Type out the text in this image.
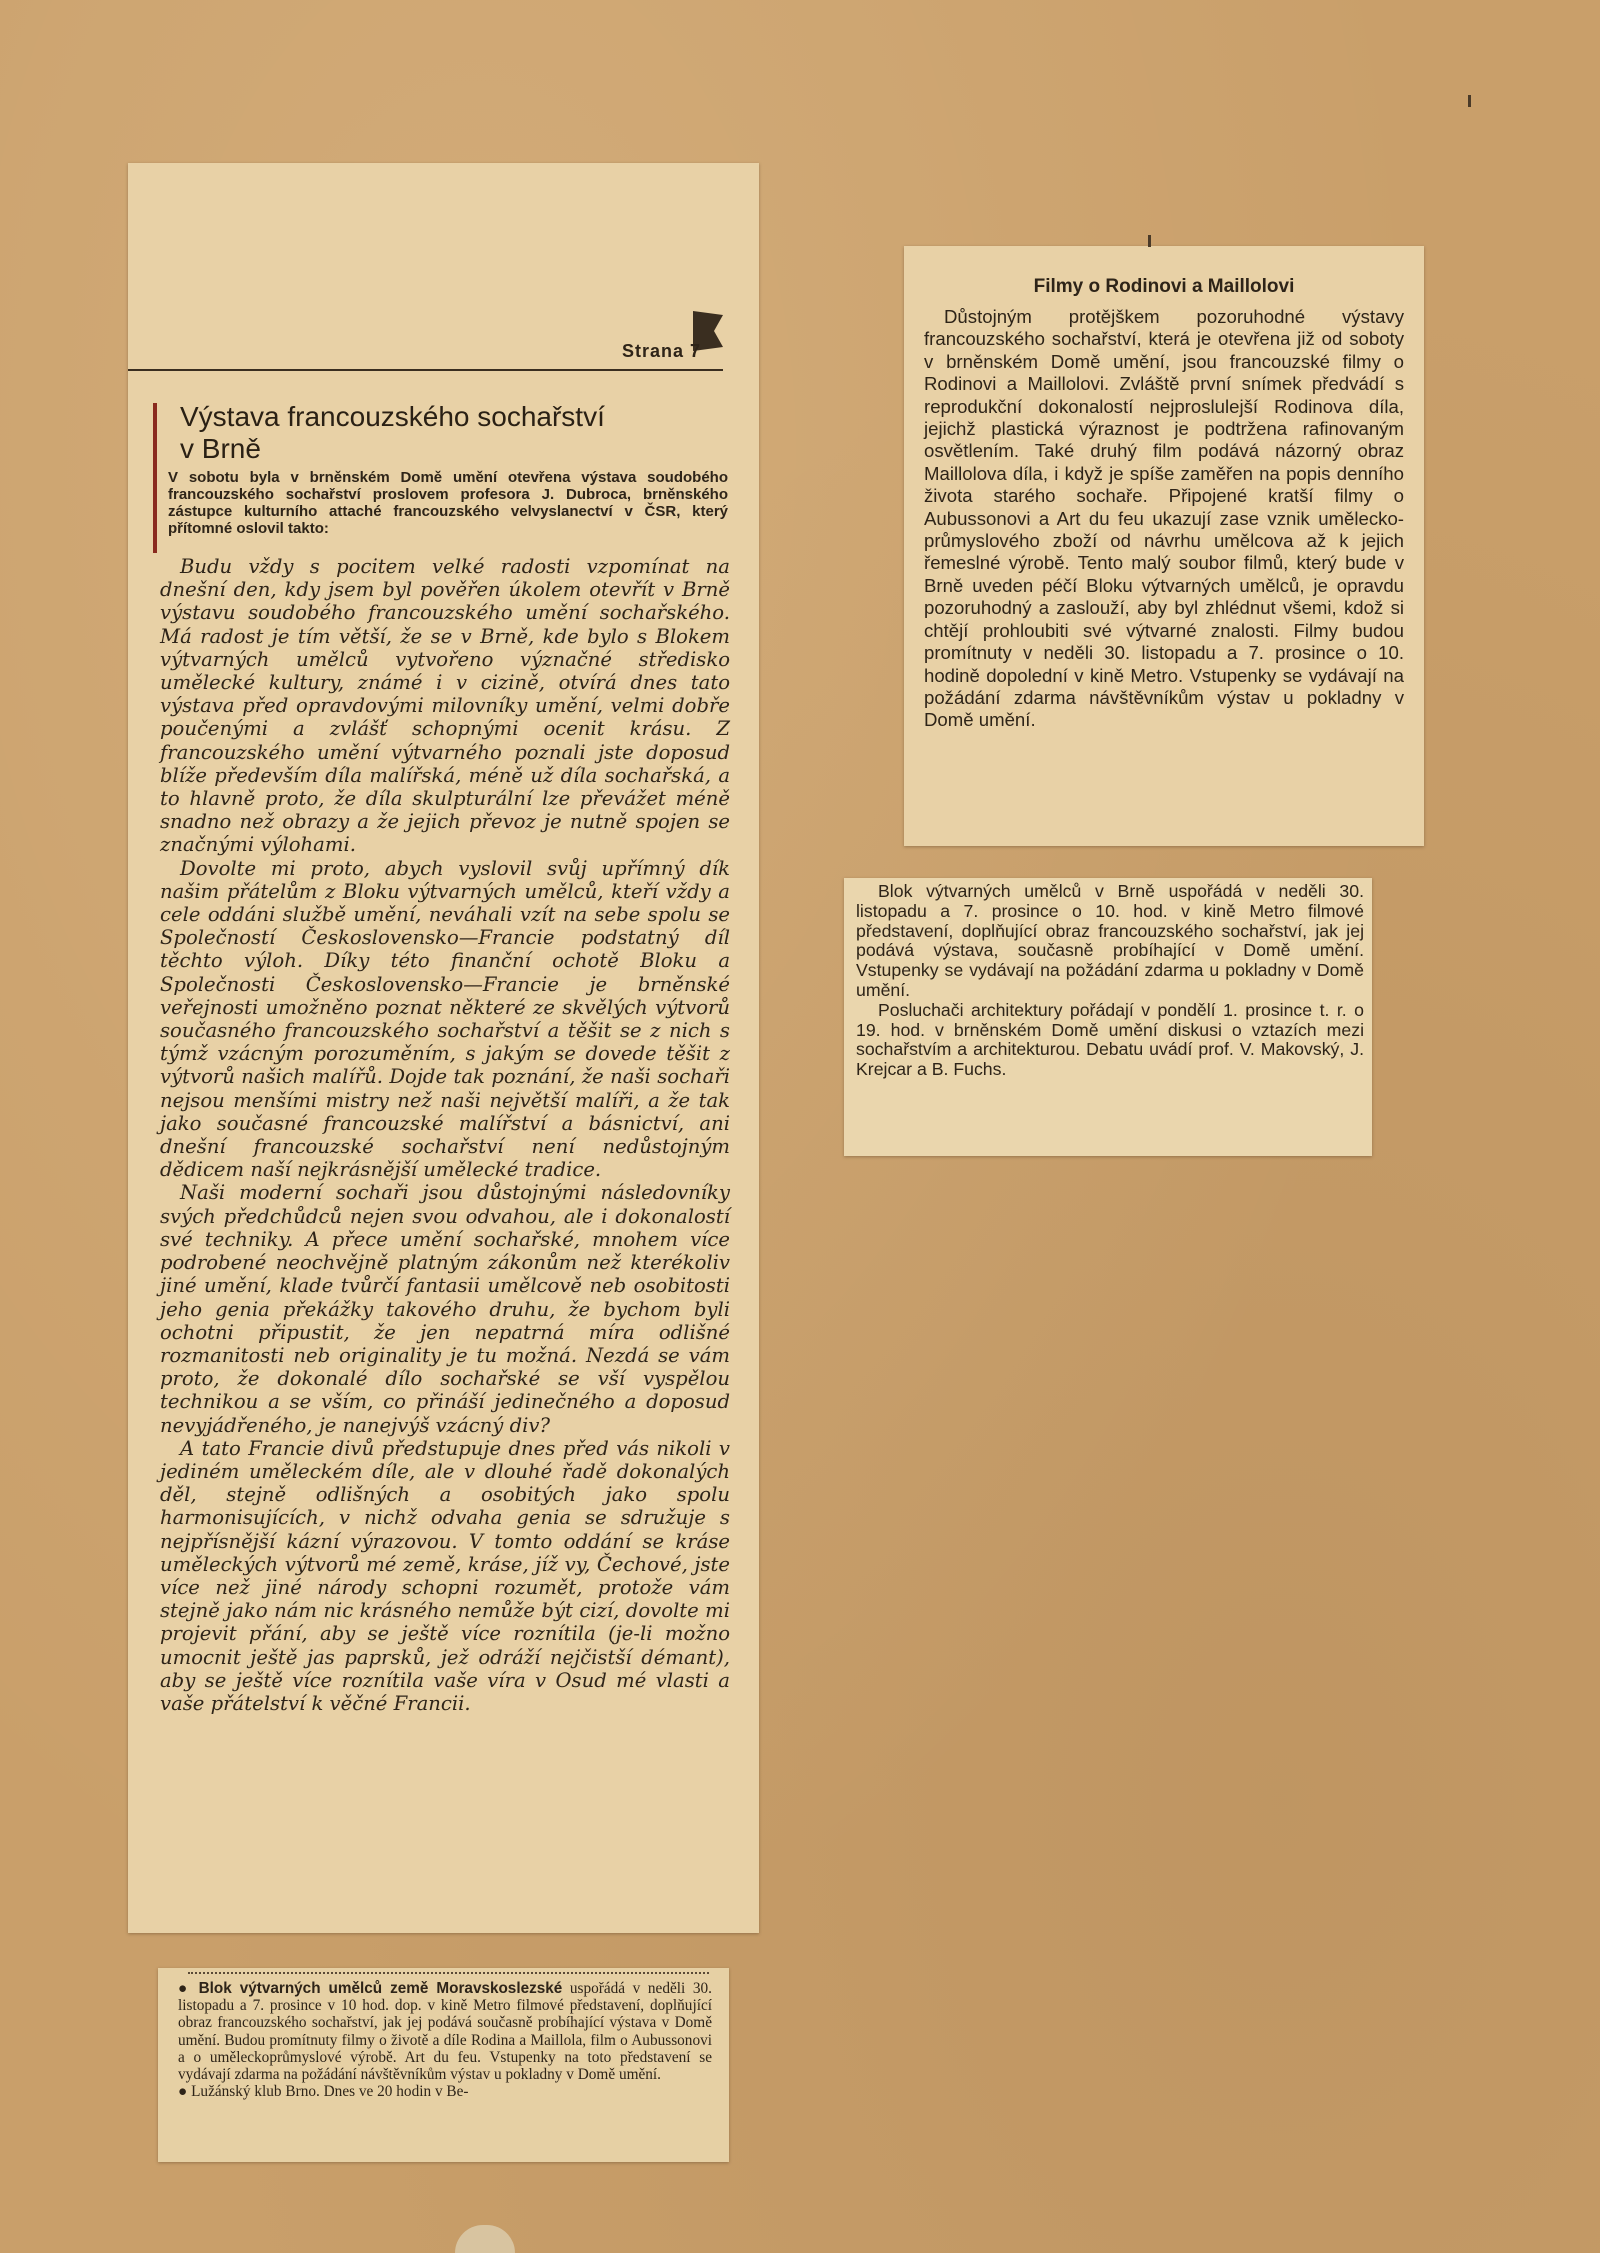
Strana 7
Výstava francouzského sochařství
v Brně

V sobotu byla v brněnském Domě umění otevřena výstava soudobého francouzského sochařství proslovem profesora J. Dubroca, brněnského zástupce kulturního attaché francouzského velvyslanectví v ČSR, který přítomné oslovil takto:

Budu vždy s pocitem velké radosti vzpomínat na dnešní den, kdy jsem byl pověřen úkolem otevřít v Brně výstavu soudobého francouzského umění sochařského. Má radost je tím větší, že se v Brně, kde bylo s Blokem výtvarných umělců vytvořeno význačné středisko umělecké kultury, známé i v cizině, otvírá dnes tato výstava před opravdovými milovníky umění, velmi dobře poučenými a zvlášť schopnými ocenit krásu. Z francouzského umění výtvarného poznali jste doposud blíže především díla malířská, méně už díla sochařská, a to hlavně proto, že díla skulpturální lze převážet méně snadno než obrazy a že jejich převoz je nutně spojen se značnými výlohami.

Dovolte mi proto, abych vyslovil svůj upřímný dík našim přátelům z Bloku výtvarných umělců, kteří vždy a cele oddáni službě umění, neváhali vzít na sebe spolu se Společností Československo—Francie podstatný díl těchto výloh. Díky této finanční ochotě Bloku a Společnosti Československo—Francie je brněnské veřejnosti umožněno poznat některé ze skvělých výtvorů současného francouzského sochařství a těšit se z nich s týmž vzácným porozuměním, s jakým se dovede těšit z výtvorů našich malířů. Dojde tak poznání, že naši sochaři nejsou menšími mistry než naši největší malíři, a že tak jako současné francouzské malířství a básnictví, ani dnešní francouzské sochařství není nedůstojným dědicem naší nejkrásnější umělecké tradice.

Naši moderní sochaři jsou důstojnými následovníky svých předchůdců nejen svou odvahou, ale i dokonalostí své techniky. A přece umění sochařské, mnohem více podrobené neochvějně platným zákonům než kterékoliv jiné umění, klade tvůrčí fantasii umělcově neb osobitosti jeho genia překážky takového druhu, že bychom byli ochotni připustit, že jen nepatrná míra odlišné rozmanitosti neb originality je tu možná. Nezdá se vám proto, že dokonalé dílo sochařské se vší vyspělou technikou a se vším, co přináší jedinečného a doposud nevyjádřeného, je nanejvýš vzácný div?

A tato Francie divů předstupuje dnes před vás nikoli v jediném uměleckém díle, ale v dlouhé řadě dokonalých děl, stejně odlišných a osobitých jako spolu harmonisujících, v nichž odvaha genia se sdružuje s nejpřísnější kázní výrazovou. V tomto oddání se kráse uměleckých výtvorů mé země, kráse, jíž vy, Čechové, jste více než jiné národy schopni rozumět, protože vám stejně jako nám nic krásného nemůže být cizí, dovolte mi projevit přání, aby se ještě více roznítila (je-li možno umocnit ještě jas paprsků, jež odráží nejčistší démant), aby se ještě více roznítila vaše víra v Osud mé vlasti a vaše přátelství k věčné Francii.

Filmy o Rodinovi a Maillolovi

Důstojným protějškem pozoruhodné výstavy francouzského sochařství, která je otevřena již od soboty v brněnském Domě umění, jsou francouzské filmy o Rodinovi a Maillolovi. Zvláště první snímek předvádí s reprodukční dokonalostí nejproslulejší Rodinova díla, jejichž plastická výraznost je podtržena rafinovaným osvětlením. Také druhý film podává názorný obraz Maillolova díla, i když je spíše zaměřen na popis denního života starého sochaře. Připojené kratší filmy o Aubussonovi a Art du feu ukazují zase vznik umělecko-průmyslového zboží od návrhu umělcova až k jejich řemeslné výrobě. Tento malý soubor filmů, který bude v Brně uveden péčí Bloku výtvarných umělců, je opravdu pozoruhodný a zaslouží, aby byl zhlédnut všemi, kdož si chtějí prohloubiti své výtvarné znalosti. Filmy budou promítnuty v neděli 30. listopadu a 7. prosince o 10. hodině dopolední v kině Metro. Vstupenky se vydávají na požádání zdarma návštěvníkům výstav u pokladny v Domě umění.

Blok výtvarných umělců v Brně uspořádá v neděli 30. listopadu a 7. prosince o 10. hod. v kině Metro filmové představení, doplňující obraz francouzského sochařství, jak jej podává výstava, současně probíhající v Domě umění. Vstupenky se vydávají na požádání zdarma u pokladny v Domě umění.

Posluchači architektury pořádají v pondělí 1. prosince t. r. o 19. hod. v brněnském Domě umění diskusi o vztazích mezi sochařstvím a architekturou. Debatu uvádí prof. V. Makovský, J. Krejcar a B. Fuchs.

● Blok výtvarných umělců země Moravskoslezské uspořádá v neděli 30. listopadu a 7. prosince v 10 hod. dop. v kině Metro filmové představení, doplňující obraz francouzského sochařství, jak jej podává současně probíhající výstava v Domě umění. Budou promítnuty filmy o životě a díle Rodina a Maillola, film o Aubussonovi a o uměleckoprůmyslové výrobě. Art du feu. Vstupenky na toto představení se vydávají zdarma na požádání návštěvníkům výstav u pokladny v Domě umění.
● Lužánský klub Brno. Dnes ve 20 hodin v Be-
